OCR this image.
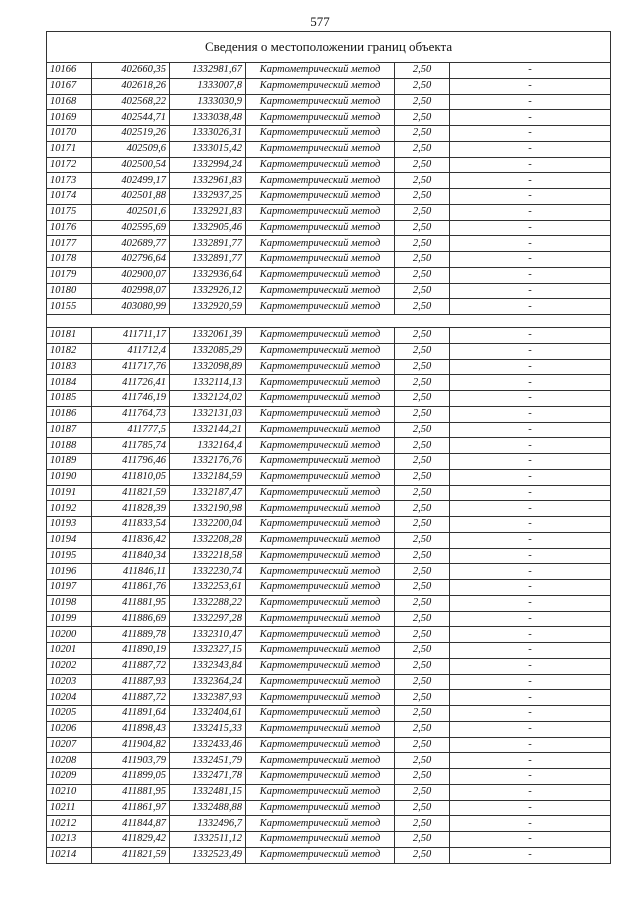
577
Сведения о местоположении границ объекта					
10166	402660,35	1332981,67	Картометрический метод	2,50	-
10167	402618,26	1333007,8	Картометрический метод	2,50	-
10168	402568,22	1333030,9	Картометрический метод	2,50	-
10169	402544,71	1333038,48	Картометрический метод	2,50	-
10170	402519,26	1333026,31	Картометрический метод	2,50	-
10171	402509,6	1333015,42	Картометрический метод	2,50	-
10172	402500,54	1332994,24	Картометрический метод	2,50	-
10173	402499,17	1332961,83	Картометрический метод	2,50	-
10174	402501,88	1332937,25	Картометрический метод	2,50	-
10175	402501,6	1332921,83	Картометрический метод	2,50	-
10176	402595,69	1332905,46	Картометрический метод	2,50	-
10177	402689,77	1332891,77	Картометрический метод	2,50	-
10178	402796,64	1332891,77	Картометрический метод	2,50	-
10179	402900,07	1332936,64	Картометрический метод	2,50	-
10180	402998,07	1332926,12	Картометрический метод	2,50	-
10155	403080,99	1332920,59	Картометрический метод	2,50	-

10181	411711,17	1332061,39	Картометрический метод	2,50	-
10182	411712,4	1332085,29	Картометрический метод	2,50	-
10183	411717,76	1332098,89	Картометрический метод	2,50	-
10184	411726,41	1332114,13	Картометрический метод	2,50	-
10185	411746,19	1332124,02	Картометрический метод	2,50	-
10186	411764,73	1332131,03	Картометрический метод	2,50	-
10187	411777,5	1332144,21	Картометрический метод	2,50	-
10188	411785,74	1332164,4	Картометрический метод	2,50	-
10189	411796,46	1332176,76	Картометрический метод	2,50	-
10190	411810,05	1332184,59	Картометрический метод	2,50	-
10191	411821,59	1332187,47	Картометрический метод	2,50	-
10192	411828,39	1332190,98	Картометрический метод	2,50	-
10193	411833,54	1332200,04	Картометрический метод	2,50	-
10194	411836,42	1332208,28	Картометрический метод	2,50	-
10195	411840,34	1332218,58	Картометрический метод	2,50	-
10196	411846,11	1332230,74	Картометрический метод	2,50	-
10197	411861,76	1332253,61	Картометрический метод	2,50	-
10198	411881,95	1332288,22	Картометрический метод	2,50	-
10199	411886,69	1332297,28	Картометрический метод	2,50	-
10200	411889,78	1332310,47	Картометрический метод	2,50	-
10201	411890,19	1332327,15	Картометрический метод	2,50	-
10202	411887,72	1332343,84	Картометрический метод	2,50	-
10203	411887,93	1332364,24	Картометрический метод	2,50	-
10204	411887,72	1332387,93	Картометрический метод	2,50	-
10205	411891,64	1332404,61	Картометрический метод	2,50	-
10206	411898,43	1332415,33	Картометрический метод	2,50	-
10207	411904,82	1332433,46	Картометрический метод	2,50	-
10208	411903,79	1332451,79	Картометрический метод	2,50	-
10209	411899,05	1332471,78	Картометрический метод	2,50	-
10210	411881,95	1332481,15	Картометрический метод	2,50	-
10211	411861,97	1332488,88	Картометрический метод	2,50	-
10212	411844,87	1332496,7	Картометрический метод	2,50	-
10213	411829,42	1332511,12	Картометрический метод	2,50	-
10214	411821,59	1332523,49	Картометрический метод	2,50	-
